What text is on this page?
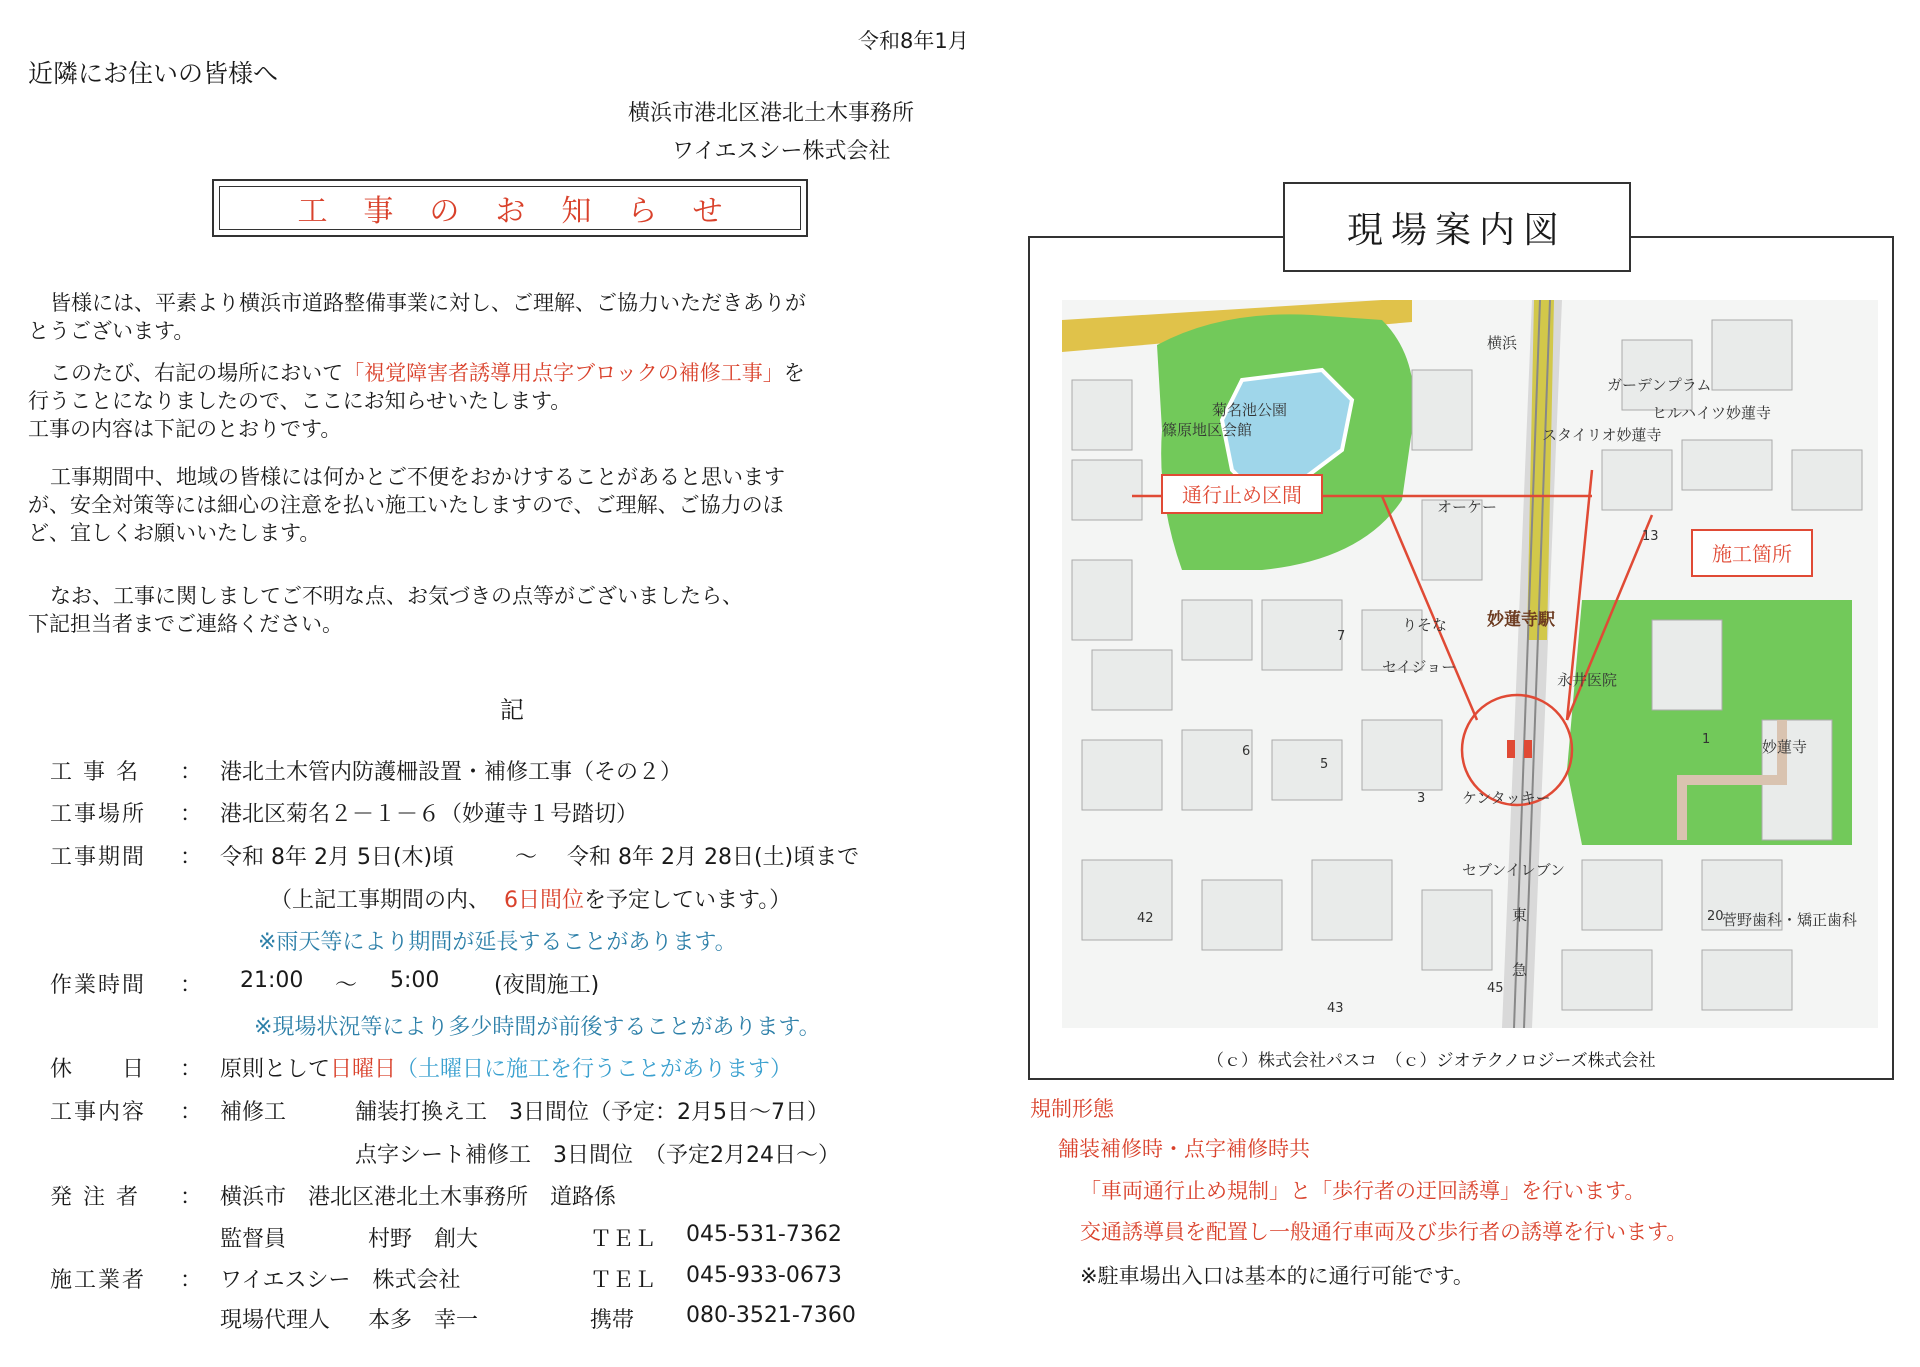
令和8年1月
近隣にお住いの皆様へ
横浜市港北区港北土木事務所
ワイエスシー株式会社
工事のお知らせ
皆様には、平素より横浜市道路整備事業に対し、ご理解、ご協力いただきありが
とうございます。
このたび、右記の場所において「視覚障害者誘導用点字ブロックの補修工事」を
行うことになりましたので、ここにお知らせいたします。
工事の内容は下記のとおりです。
工事期間中、地域の皆様には何かとご不便をおかけすることがあると思います
が、安全対策等には細心の注意を払い施工いたしますので、ご理解、ご協力のほ
ど、宜しくお願いいたします。
なお、工事に関しましてご不明な点、お気づきの点等がございましたら、
下記担当者までご連絡ください。
記
工 事 名 ： 港北土木管内防護柵設置・補修工事（その２）
工事場所 ： 港北区菊名２－１－６（妙蓮寺１号踏切）
工事期間 ： 令和 8年 2月 5日(木)頃	～ 令和 8年 2月 28日(土)頃まで
（上記工事期間の内、 6日間位を予定しています。）
※雨天等により期間が延長することがあります。
作業時間 ： 21:00 ～ 5:00 (夜間施工)
※現場状況等により多少時間が前後することがあります。
休　　日 ： 原則として日曜日（土曜日に施工を行うことがあります）
工事内容 ： 補修工	舗装打換え工　3日間位（予定：2月5日～7日）
点字シート補修工　3日間位　（予定2月24日～）
発 注 者 ： 横浜市　港北区港北土木事務所　道路係
監督員	村野　創大	ＴＥＬ 045-531-7362
施工業者 ： ワイエスシー　株式会社	ＴＥＬ 045-933-0673
現場代理人 本多　幸一	携帯 080-3521-7360
現場案内図
通行止め区間
施工箇所
横浜
菊名池公園
篠原地区会館
ガーデンプラム
ヒルハイツ妙蓮寺
スタイリオ妙蓮寺
オーケー
りそな
セイジョー
妙蓮寺駅
永井医院
妙蓮寺
ケンタッキー
セブンイレブン
東
急
菅野歯科・矯正歯科
13
7
6
5
3
1
42
45
43
20
（ｃ）株式会社パスコ　（ｃ）ジオテクノロジーズ株式会社
規制形態
舗装補修時・点字補修時共
「車両通行止め規制」と「歩行者の迂回誘導」を行います。
交通誘導員を配置し一般通行車両及び歩行者の誘導を行います。
※駐車場出入口は基本的に通行可能です。
